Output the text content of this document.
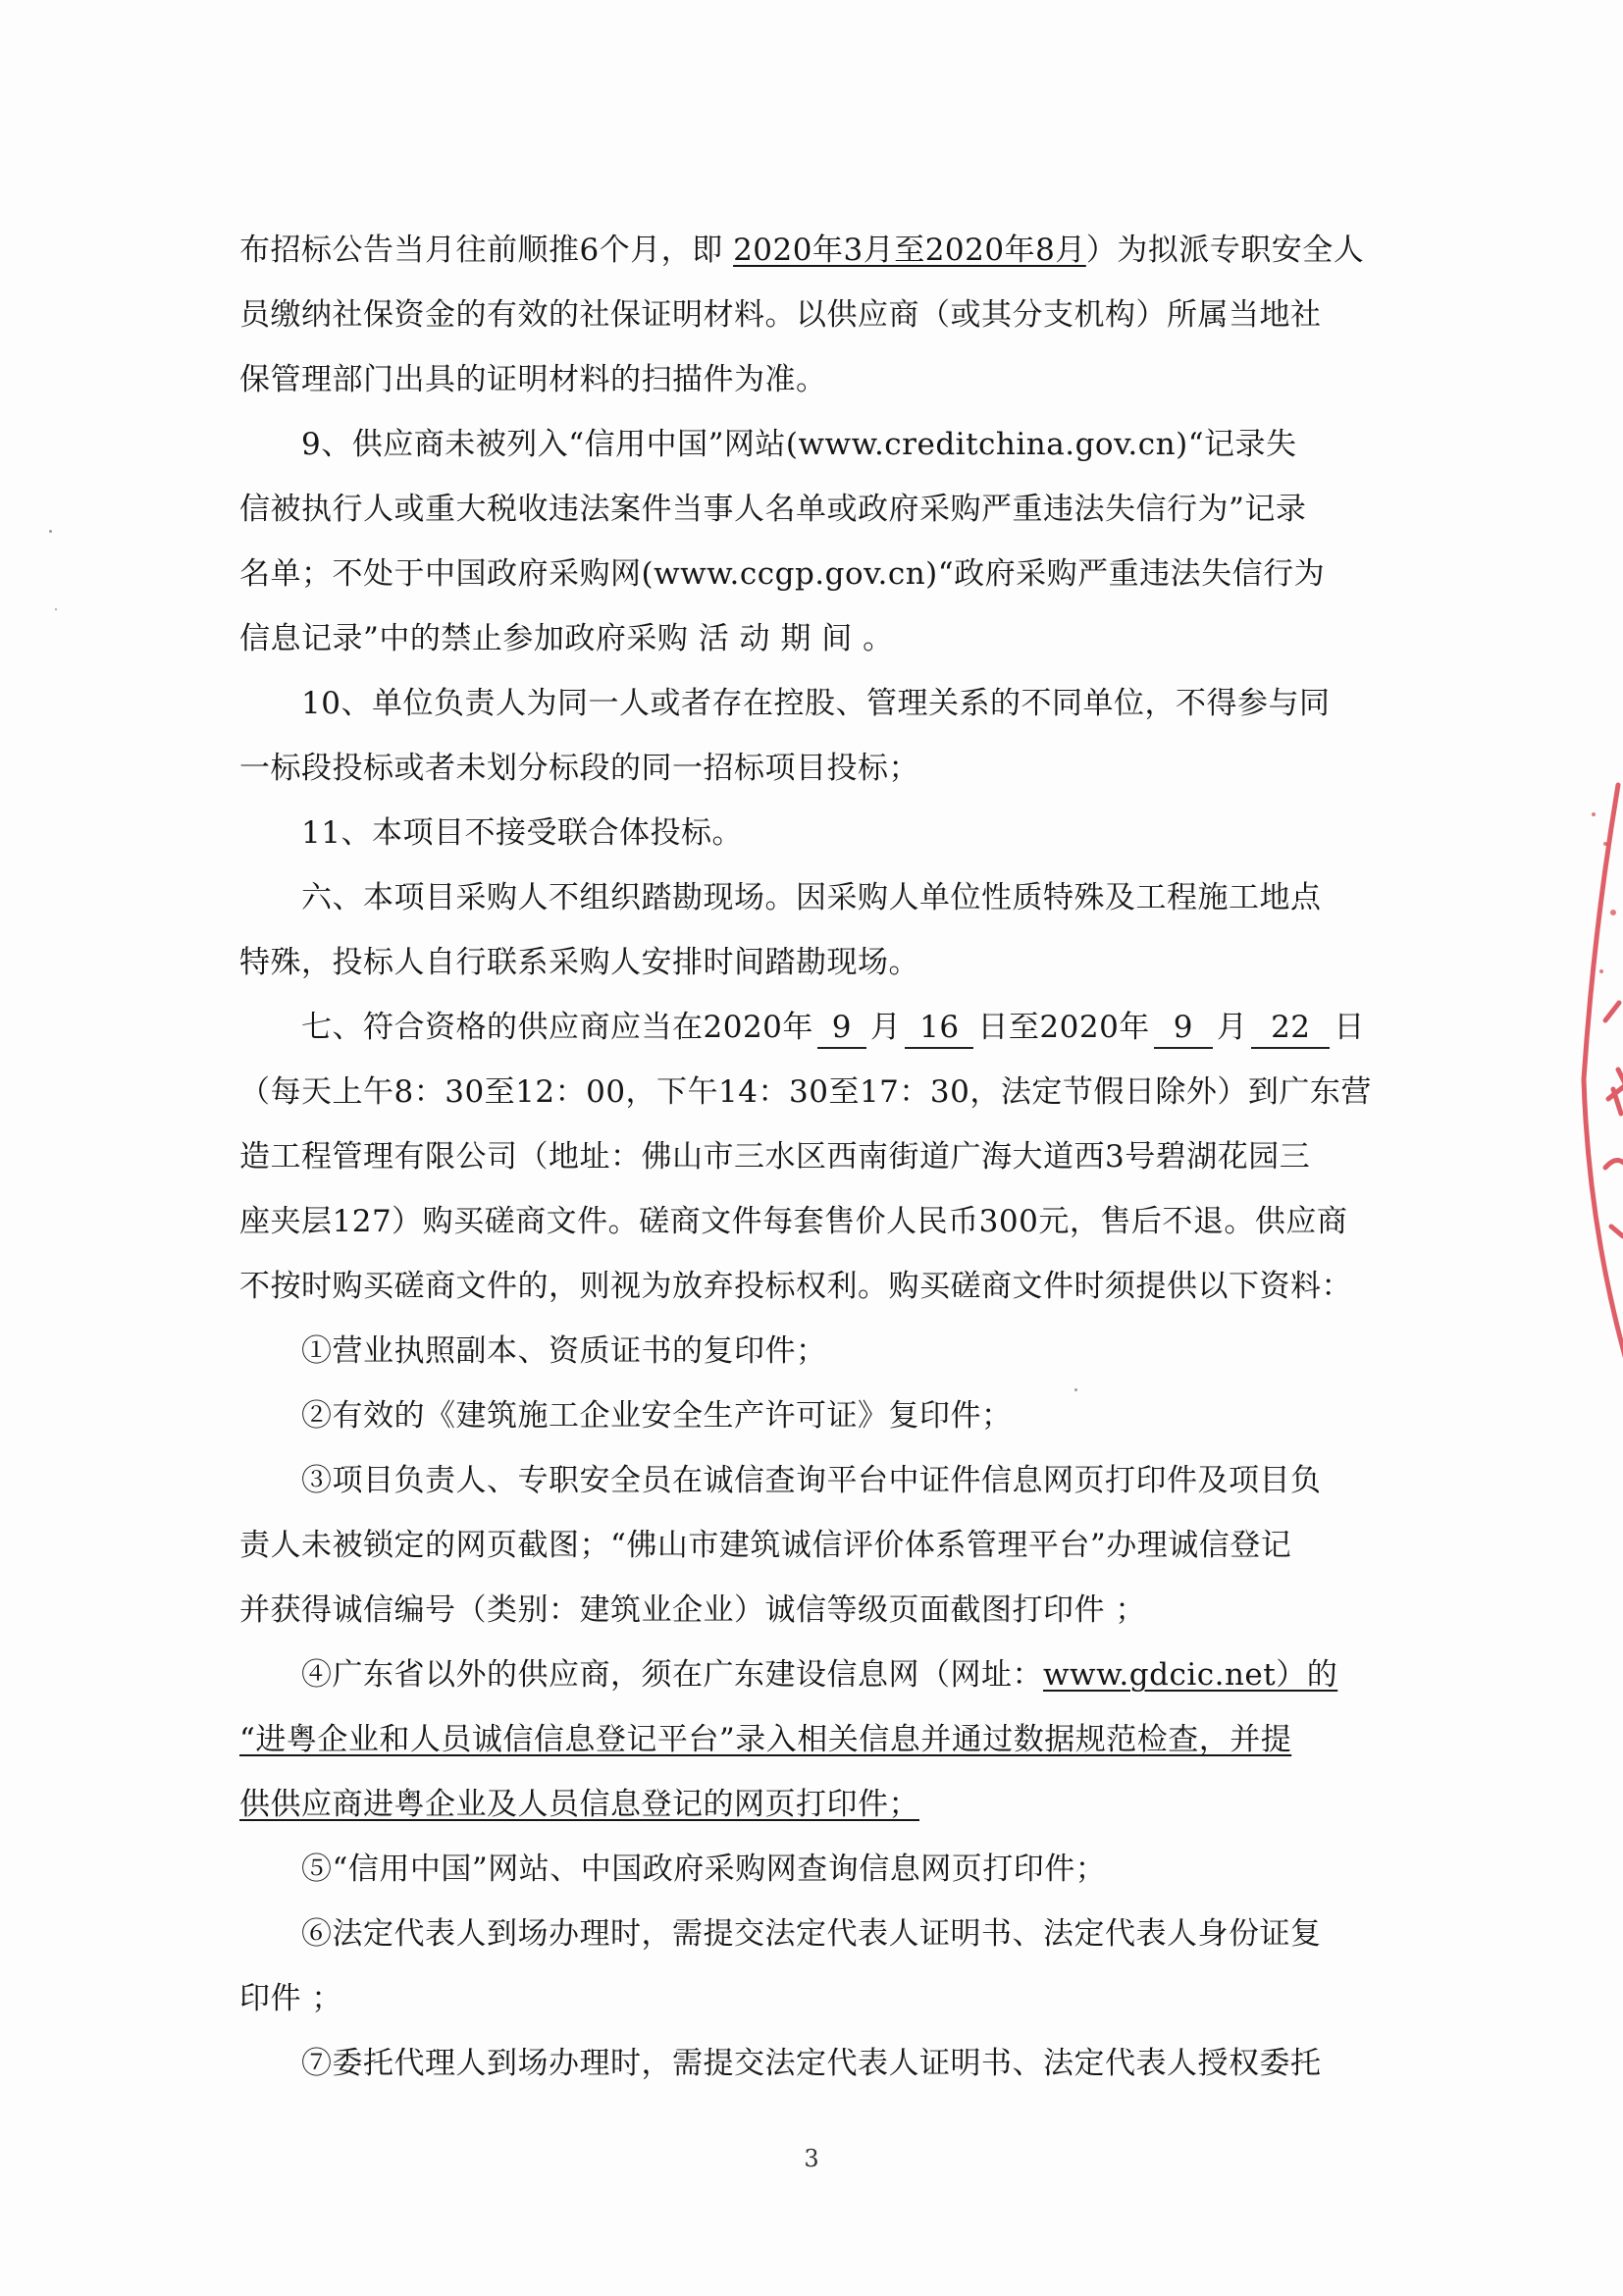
布招标公告当月往前顺推6个月，即 2020年3月至2020年8月）为拟派专职安全人
员缴纳社保资金的有效的社保证明材料。以供应商（或其分支机构）所属当地社
保管理部门出具的证明材料的扫描件为准。
9、供应商未被列入“信用中国”网站(www.creditchina.gov.cn)“记录失
信被执行人或重大税收违法案件当事人名单或政府采购严重违法失信行为”记录
名单；不处于中国政府采购网(www.ccgp.gov.cn)“政府采购严重违法失信行为
信息记录”中的禁止参加政府采购 活 动 期 间 。
10、单位负责人为同一人或者存在控股、管理关系的不同单位，不得参与同
一标段投标或者未划分标段的同一招标项目投标；
11、本项目不接受联合体投标。
六、本项目采购人不组织踏勘现场。因采购人单位性质特殊及工程施工地点
特殊，投标人自行联系采购人安排时间踏勘现场。
七、符合资格的供应商应当在2020年 9 月 16 日至2020年 9 月 22 日
（每天上午8：30至12：00，下午14：30至17：30，法定节假日除外）到广东营
造工程管理有限公司（地址：佛山市三水区西南街道广海大道西3号碧湖花园三
座夹层127）购买磋商文件。磋商文件每套售价人民币300元，售后不退。供应商
不按时购买磋商文件的，则视为放弃投标权利。购买磋商文件时须提供以下资料：
①营业执照副本、资质证书的复印件；
②有效的《建筑施工企业安全生产许可证》复印件；
③项目负责人、专职安全员在诚信查询平台中证件信息网页打印件及项目负
责人未被锁定的网页截图；“佛山市建筑诚信评价体系管理平台”办理诚信登记
并获得诚信编号（类别：建筑业企业）诚信等级页面截图打印件 ；
④广东省以外的供应商，须在广东建设信息网（网址：www.gdcic.net）的
“进粤企业和人员诚信信息登记平台”录入相关信息并通过数据规范检查，并提
供供应商进粤企业及人员信息登记的网页打印件；
⑤“信用中国”网站、中国政府采购网查询信息网页打印件；
⑥法定代表人到场办理时，需提交法定代表人证明书、法定代表人身份证复
印件 ；
⑦委托代理人到场办理时，需提交法定代表人证明书、法定代表人授权委托
3
